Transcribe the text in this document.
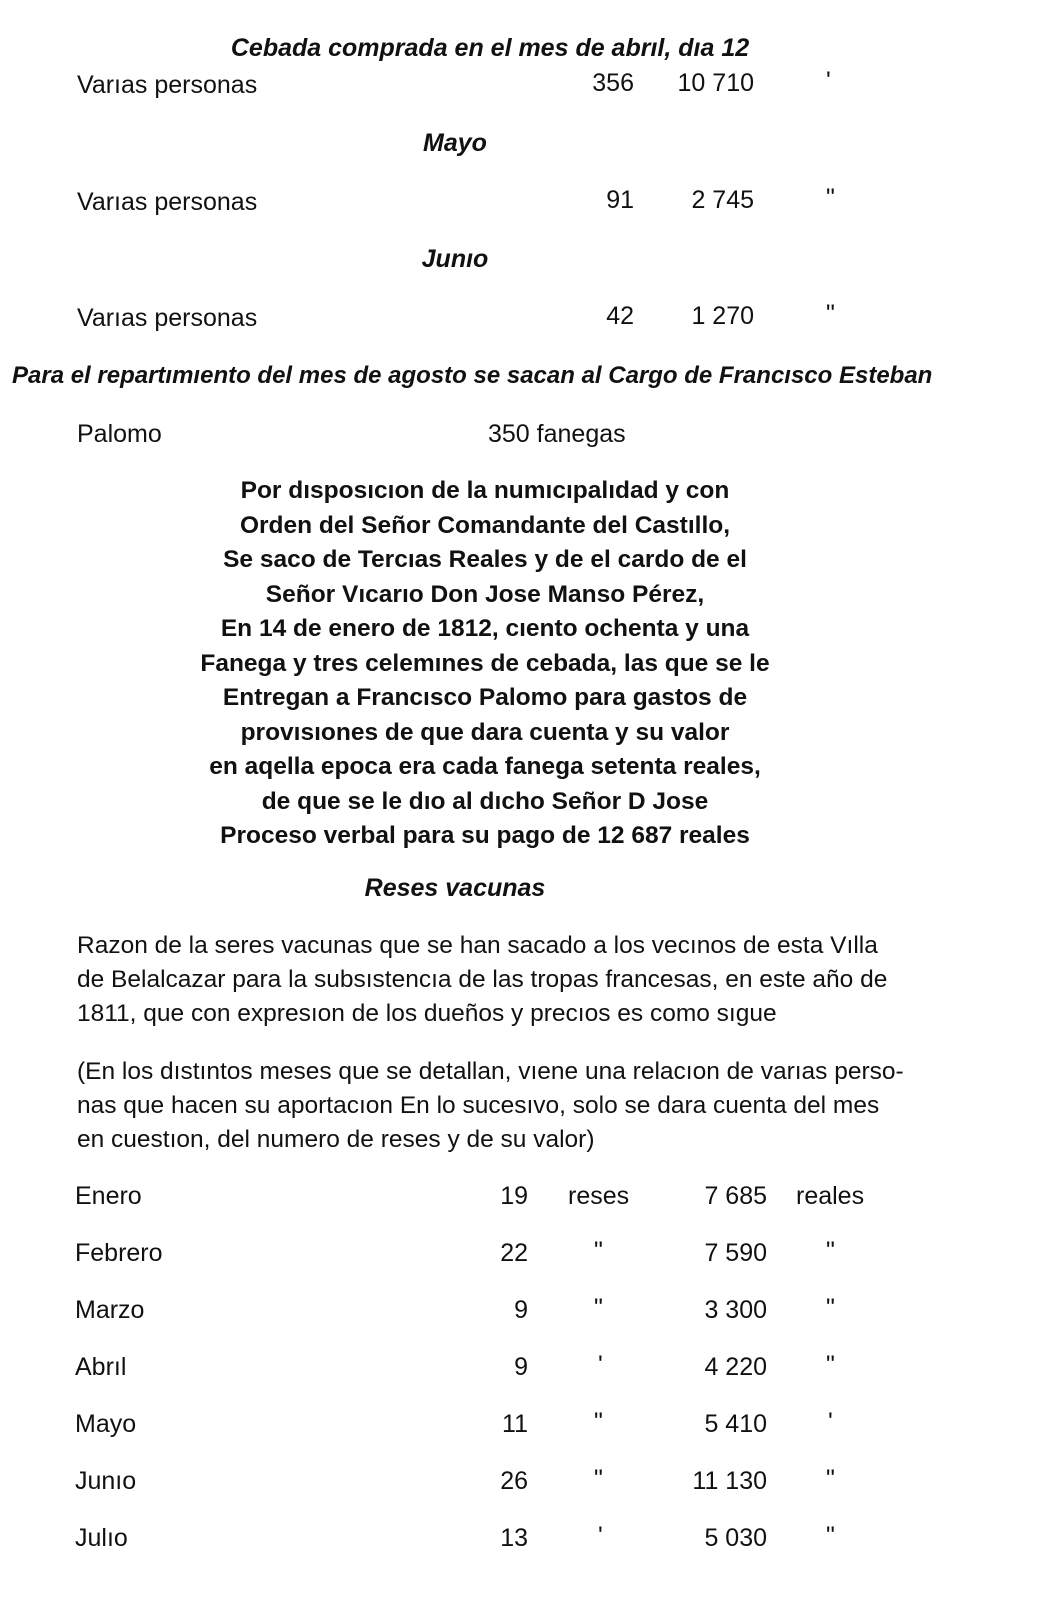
Cebada comprada en el mes de abrıl, dıa 12
Varıas personas	356	10 710	'
Mayo
Varıas personas	91	2 745	"
Junıo
Varıas personas	42	1 270	"
Para el repartımıento del mes de agosto se sacan al Cargo de Francısco Esteban
Palomo	350 fanegas
Por dısposıcıon de la numıcıpalıdad y con
Orden del Señor Comandante del Castıllo,
Se saco de Tercıas Reales y de el cardo de el
Señor Vıcarıo Don Jose Manso Pérez,
En 14 de enero de 1812, cıento ochenta y una
Fanega y tres celemınes de cebada, las que se le
Entregan a Francısco Palomo para gastos de
provısıones de que dara cuenta y su valor
en aqella epoca era cada fanega setenta reales,
de que se le dıo al dıcho Señor D Jose
Proceso verbal para su pago de 12 687 reales
Reses vacunas
Razon de la seres vacunas que se han sacado a los vecınos de esta Vılla
de Belalcazar para la subsıstencıa de las tropas francesas, en este año de
1811, que con expresıon de los dueños y precıos es como sıgue
(En los dıstıntos meses que se detallan, vıene una relacıon de varıas perso-
nas que hacen su aportacıon En lo sucesıvo, solo se dara cuenta del mes
en cuestıon, del numero de reses y de su valor)
Enero	19 reses	7 685 reales
Febrero	22	"	7 590 "
Marzo	9	"	3 300 "
Abrıl	9	'	4 220 "
Mayo	11	"	5 410 '
Junıo	26	"	11 130 "
Julıo	13	'	5 030 "
